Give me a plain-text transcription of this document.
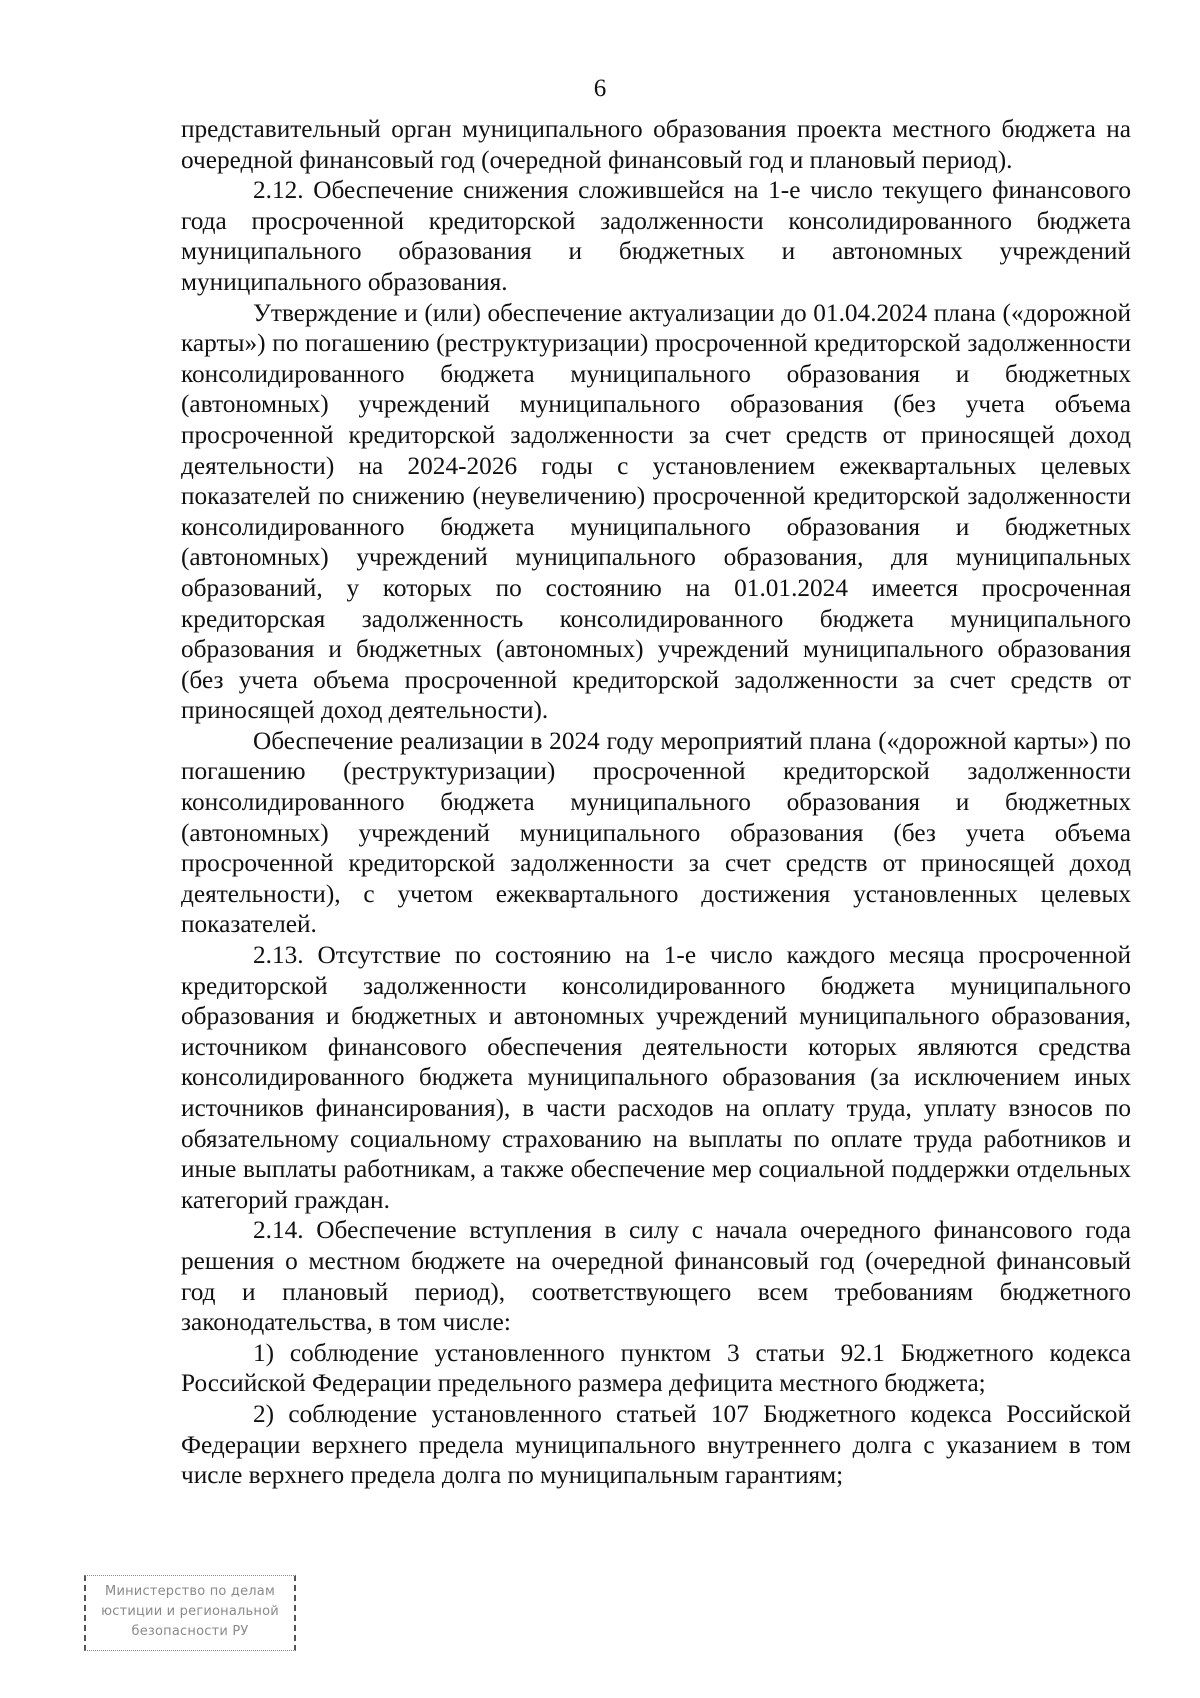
6

представительный орган муниципального образования проекта местного бюджета на очередной финансовый год (очередной финансовый год и плановый период).

2.12. Обеспечение снижения сложившейся на 1-е число текущего финансового года просроченной кредиторской задолженности консолидированного бюджета муниципального образования и бюджетных и автономных учреждений муниципального образования.

Утверждение и (или) обеспечение актуализации до 01.04.2024 плана («дорожной карты») по погашению (реструктуризации) просроченной кредиторской задолженности консолидированного бюджета муниципального образования и бюджетных (автономных) учреждений муниципального образования (без учета объема просроченной кредиторской задолженности за счет средств от приносящей доход деятельности) на 2024-2026 годы с установлением ежеквартальных целевых показателей по снижению (неувеличению) просроченной кредиторской задолженности консолидированного бюджета муниципального образования и бюджетных (автономных) учреждений муниципального образования, для муниципальных образований, у которых по состоянию на 01.01.2024 имеется просроченная кредиторская задолженность консолидированного бюджета муниципального образования и бюджетных (автономных) учреждений муниципального образования (без учета объема просроченной кредиторской задолженности за счет средств от приносящей доход деятельности).

Обеспечение реализации в 2024 году мероприятий плана («дорожной карты») по погашению (реструктуризации) просроченной кредиторской задолженности консолидированного бюджета муниципального образования и бюджетных (автономных) учреждений муниципального образования (без учета объема просроченной кредиторской задолженности за счет средств от приносящей доход деятельности), с учетом ежеквартального достижения установленных целевых показателей.

2.13. Отсутствие по состоянию на 1-е число каждого месяца просроченной кредиторской задолженности консолидированного бюджета муниципального образования и бюджетных и автономных учреждений муниципального образования, источником финансового обеспечения деятельности которых являются средства консолидированного бюджета муниципального образования (за исключением иных источников финансирования), в части расходов на оплату труда, уплату взносов по обязательному социальному страхованию на выплаты по оплате труда работников и иные выплаты работникам, а также обеспечение мер социальной поддержки отдельных категорий граждан.

2.14. Обеспечение вступления в силу с начала очередного финансового года решения о местном бюджете на очередной финансовый год (очередной финансовый год и плановый период), соответствующего всем требованиям бюджетного законодательства, в том числе:

1) соблюдение установленного пунктом 3 статьи 92.1 Бюджетного кодекса Российской Федерации предельного размера дефицита местного бюджета;

2) соблюдение установленного статьей 107 Бюджетного кодекса Российской Федерации верхнего предела муниципального внутреннего долга с указанием в том числе верхнего предела долга по муниципальным гарантиям;

Министерство по делам
юстиции и региональной
безопасности РУ
